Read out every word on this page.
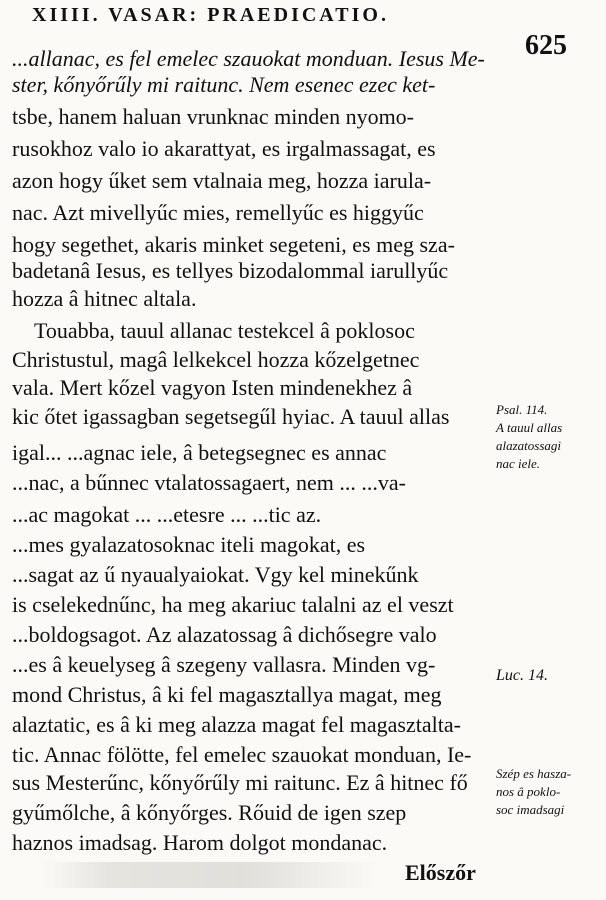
XIIII. VASAR: PRAEDICATIO.
625
...allanac, es fel emelec szauokat monduan. Iesus Me-
ster, kőnyőrűly mi raitunc. Nem esenec ezec ket-
tsbe, hanem haluan vrunknac minden nyomo-
rusokhoz valo io akarattyat, es irgalmassagat, es
azon hogy űket sem vtalnaia meg, hozza iarula-
nac. Azt mivellyűc mies, remellyűc es higgyűc
hogy segethet, akaris minket segeteni, es meg sza-
badetanâ Iesus, es tellyes bizodalommal iarullyűc
hozza â hitnec altala.
Touabba, tauul allanac testekcel â poklosoc
Christustul, magâ lelkekcel hozza kőzelgetnec
vala. Mert kőzel vagyon Isten mindenekhez â
kic őtet igassagban segetsegűl hyiac. A tauul allas
igal... ...agnac iele, â betegsegnec es annac
...nac, a bűnnec vtalatossagaert, nem ... ...va-
...ac magokat ... ...etesre ... ...tic az.
...mes gyalazatosoknac iteli magokat, es
...sagat az ű nyaualyaiokat. Vgy kel minekűnk
is cselekednűnc, ha meg akariuc talalni az el veszt
...boldogsagot. Az alazatossag â dichősegre valo
...es â keuelyseg â szegeny vallasra. Minden vg-
mond Christus, â ki fel magasztallya magat, meg
alaztatic, es â ki meg alazza magat fel magasztalta-
tic. Annac fölötte, fel emelec szauokat monduan, Ie-
sus Mesterűnc, kőnyőrűly mi raitunc. Ez â hitnec fő
gyűmőlche, â kőnyőrges. Rőuid de igen szep
haznos imadsag. Harom dolgot mondanac.
Előszőr
Psal. 114.
A tauul allas
alazatossagi
nac iele.
Luc. 14.
Szép es hasza-
nos â poklo-
soc imadsagi
